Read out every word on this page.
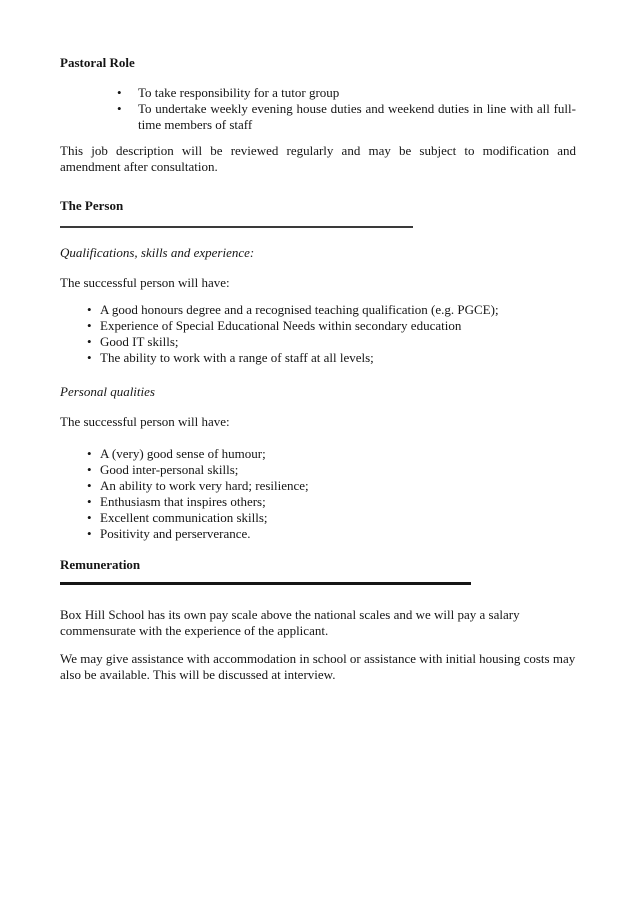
Pastoral Role
•	To take responsibility for a tutor group
•	To undertake weekly evening house duties and weekend duties in line with all full-time members of staff

This job description will be reviewed regularly and may be subject to modification and amendment after consultation.

The Person

Qualifications, skills and experience:

The successful person will have:

• A good honours degree and a recognised teaching qualification (e.g. PGCE);
• Experience of Special Educational Needs within secondary education
• Good IT skills;
• The ability to work with a range of staff at all levels;

Personal qualities

The successful person will have:

• A (very) good sense of humour;
• Good inter-personal skills;
• An ability to work very hard; resilience;
• Enthusiasm that inspires others;
• Excellent communication skills;
• Positivity and perserverance.
Remuneration

Box Hill School has its own pay scale above the national scales and we will pay a salary commensurate with the experience of the applicant.

We may give assistance with accommodation in school or assistance with initial housing costs may also be available. This will be discussed at interview.
